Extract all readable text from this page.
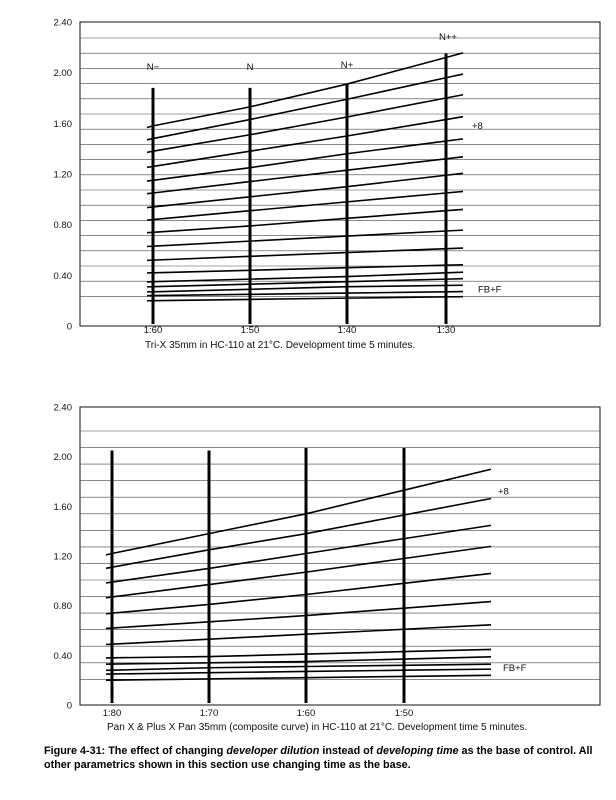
2.40
2.00
1.60
1.20
0.80
0.40
0	1:60	1:50	1:40	1:30
N−	N	N+
N++
+8
FB+F
Tri-X 35mm in HC-110 at 21°C. Development time 5 minutes.
2.40
2.00
1.60
1.20
0.80
0.40
0
1:80	1:70	1:60	1:50
+8
FB+F
Pan X & Plus X Pan 35mm (composite curve) in HC-110 at 21°C. Development time 5 minutes.
Figure 4-31: The effect of changing developer dilution instead of developing time as the base of control. All other parametrics shown in this section use changing time as the base.
